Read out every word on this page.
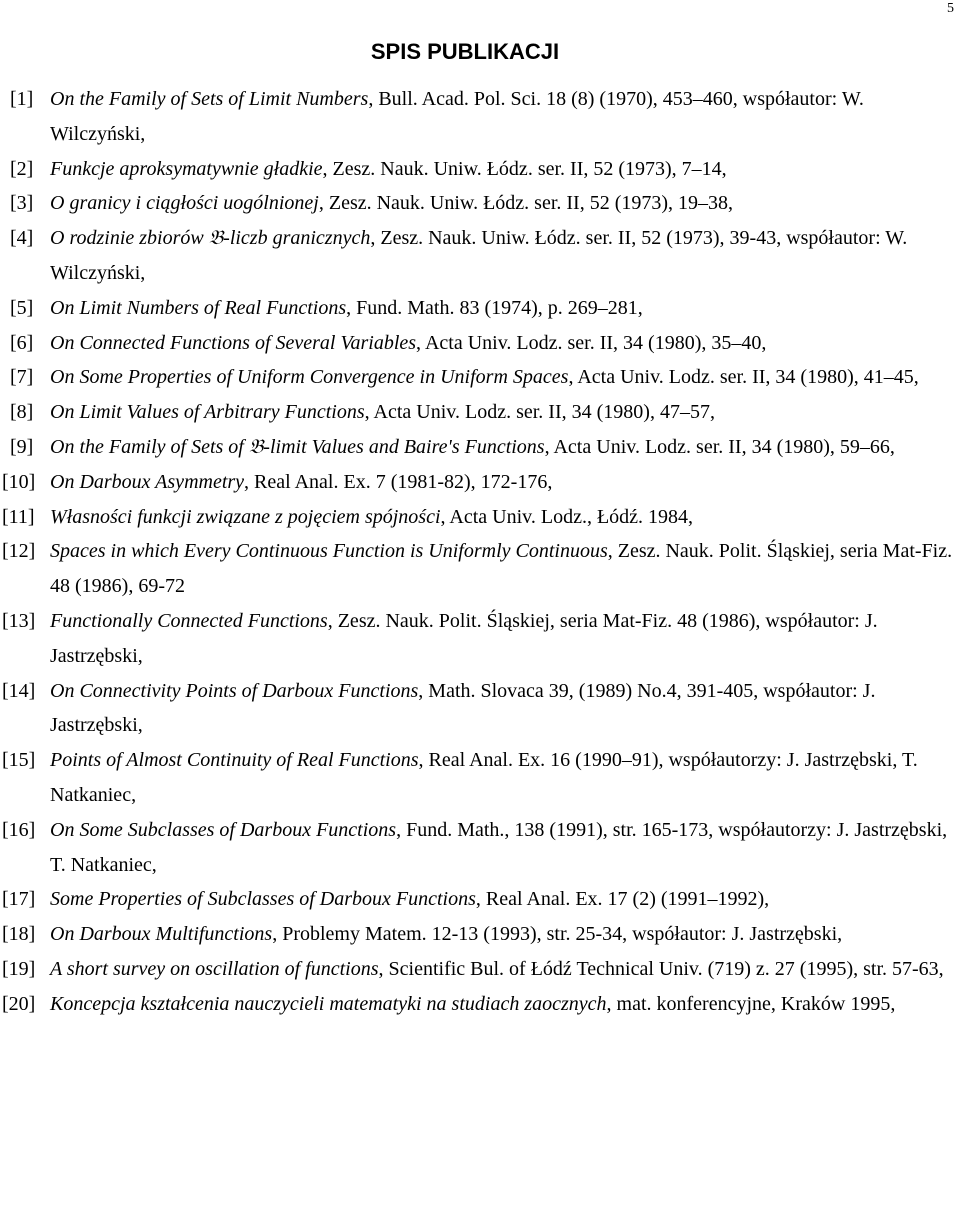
5
SPIS PUBLIKACJI
[1] On the Family of Sets of Limit Numbers, Bull. Acad. Pol. Sci. 18 (8) (1970), 453–460, współautor: W. Wilczyński,
[2] Funkcje aproksymatywnie gładkie, Zesz. Nauk. Uniw. Łódz. ser. II, 52 (1973), 7–14,
[3] O granicy i ciągłości uogólnionej, Zesz. Nauk. Uniw. Łódz. ser. II, 52 (1973), 19–38,
[4] O rodzinie zbiorów 𝔅-liczb granicznych, Zesz. Nauk. Uniw. Łódz. ser. II, 52 (1973), 39-43, współautor: W. Wilczyński,
[5] On Limit Numbers of Real Functions, Fund. Math. 83 (1974), p. 269–281,
[6] On Connected Functions of Several Variables, Acta Univ. Lodz. ser. II, 34 (1980), 35–40,
[7] On Some Properties of Uniform Convergence in Uniform Spaces, Acta Univ. Lodz. ser. II, 34 (1980), 41–45,
[8] On Limit Values of Arbitrary Functions, Acta Univ. Lodz. ser. II, 34 (1980), 47–57,
[9] On the Family of Sets of 𝔅-limit Values and Baire's Functions, Acta Univ. Lodz. ser. II, 34 (1980), 59–66,
[10] On Darboux Asymmetry, Real Anal. Ex. 7 (1981-82), 172-176,
[11] Własności funkcji związane z pojęciem spójności, Acta Univ. Lodz., Łódź. 1984,
[12] Spaces in which Every Continuous Function is Uniformly Continuous, Zesz. Nauk. Polit. Śląskiej, seria Mat-Fiz. 48 (1986), 69-72
[13] Functionally Connected Functions, Zesz. Nauk. Polit. Śląskiej, seria Mat-Fiz. 48 (1986), współautor: J. Jastrzębski,
[14] On Connectivity Points of Darboux Functions, Math. Slovaca 39, (1989) No.4, 391-405, współautor: J. Jastrzębski,
[15] Points of Almost Continuity of Real Functions, Real Anal. Ex. 16 (1990–91), współautorzy: J. Jastrzębski, T. Natkaniec,
[16] On Some Subclasses of Darboux Functions, Fund. Math., 138 (1991), str. 165-173, współautorzy: J. Jastrzębski, T. Natkaniec,
[17] Some Properties of Subclasses of Darboux Functions, Real Anal. Ex. 17 (2) (1991–1992),
[18] On Darboux Multifunctions, Problemy Matem. 12-13 (1993), str. 25-34, współautor: J. Jastrzębski,
[19] A short survey on oscillation of functions, Scientific Bul. of Łódź Technical Univ. (719) z. 27 (1995), str. 57-63,
[20] Koncepcja kształcenia nauczycieli matematyki na studiach zaocznych, mat. konferencyjne, Kraków 1995,
